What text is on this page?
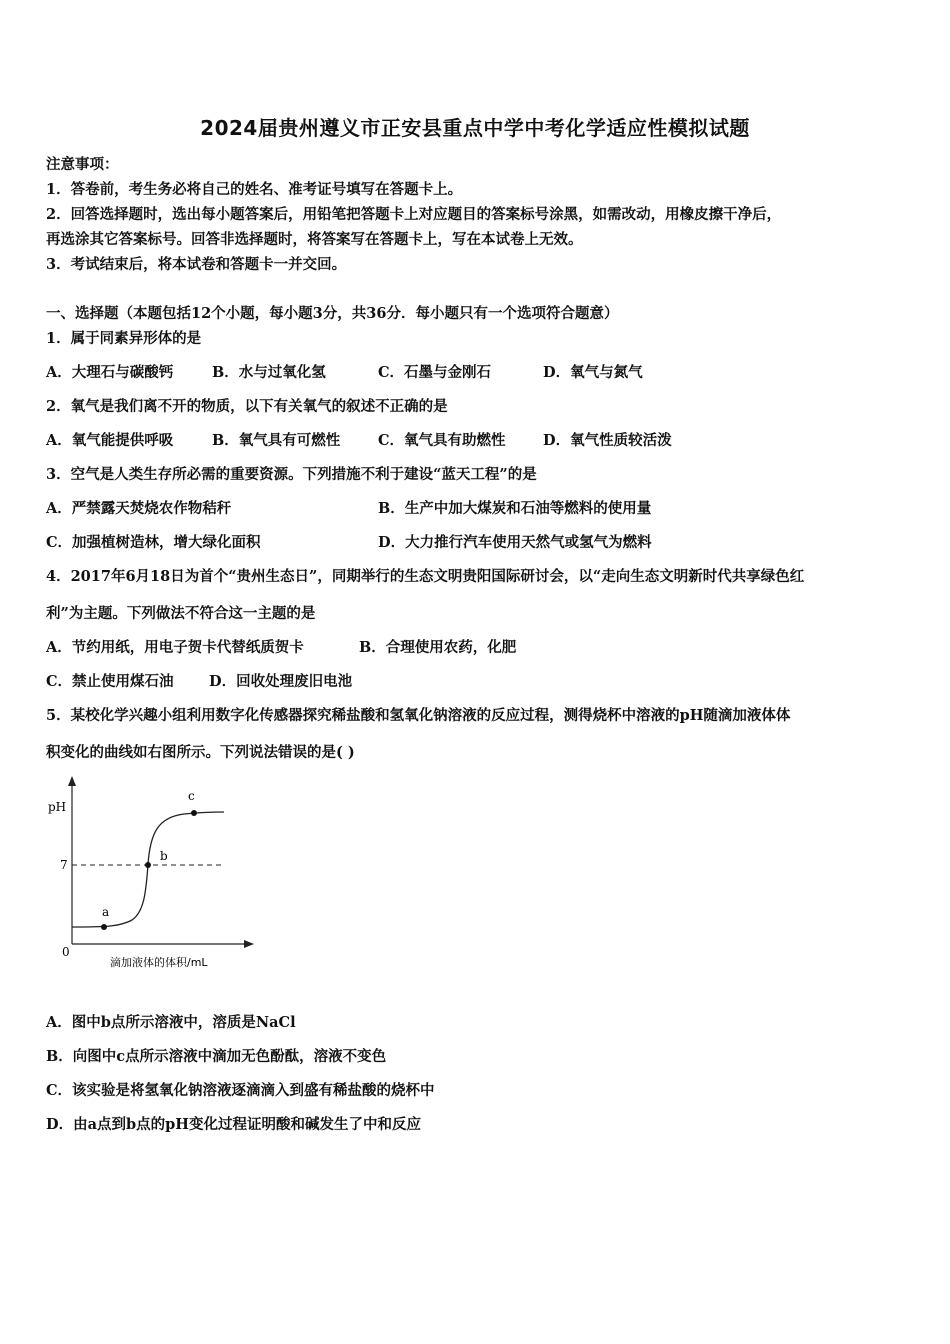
2024届贵州遵义市正安县重点中学中考化学适应性模拟试题
注意事项：
1．答卷前，考生务必将自己的姓名、准考证号填写在答题卡上。
2．回答选择题时，选出每小题答案后，用铅笔把答题卡上对应题目的答案标号涂黑，如需改动，用橡皮擦干净后，
再选涂其它答案标号。回答非选择题时，将答案写在答题卡上，写在本试卷上无效。
3．考试结束后，将本试卷和答题卡一并交回。
一、选择题（本题包括12个小题，每小题3分，共36分．每小题只有一个选项符合题意）
1．属于同素异形体的是
A．大理石与碳酸钙	B．水与过氧化氢	C．石墨与金刚石	D．氧气与氮气
2．氧气是我们离不开的物质，以下有关氧气的叙述不正确的是
A．氧气能提供呼吸	B．氧气具有可燃性	C．氧气具有助燃性	D．氧气性质较活泼
3．空气是人类生存所必需的重要资源。下列措施不利于建设“蓝天工程”的是
A．严禁露天焚烧农作物秸秆	B．生产中加大煤炭和石油等燃料的使用量
C．加强植树造林，增大绿化面积	D．大力推行汽车使用天然气或氢气为燃料
4．2017年6月18日为首个“贵州生态日”，同期举行的生态文明贵阳国际研讨会，以“走向生态文明新时代共享绿色红
利”为主题。下列做法不符合这一主题的是
A．节约用纸，用电子贺卡代替纸质贺卡	B．合理使用农药，化肥
C．禁止使用煤石油 D．回收处理废旧电池
5．某校化学兴趣小组利用数字化传感器探究稀盐酸和氢氧化钠溶液的反应过程，测得烧杯中溶液的pH随滴加液体体
积变化的曲线如右图所示。下列说法错误的是( )
pH
7
0
a
b
c
滴加液体的体积/mL
A．图中b点所示溶液中，溶质是NaCl
B．向图中c点所示溶液中滴加无色酚酞，溶液不变色
C．该实验是将氢氧化钠溶液逐滴滴入到盛有稀盐酸的烧杯中
D．由a点到b点的pH变化过程证明酸和碱发生了中和反应
